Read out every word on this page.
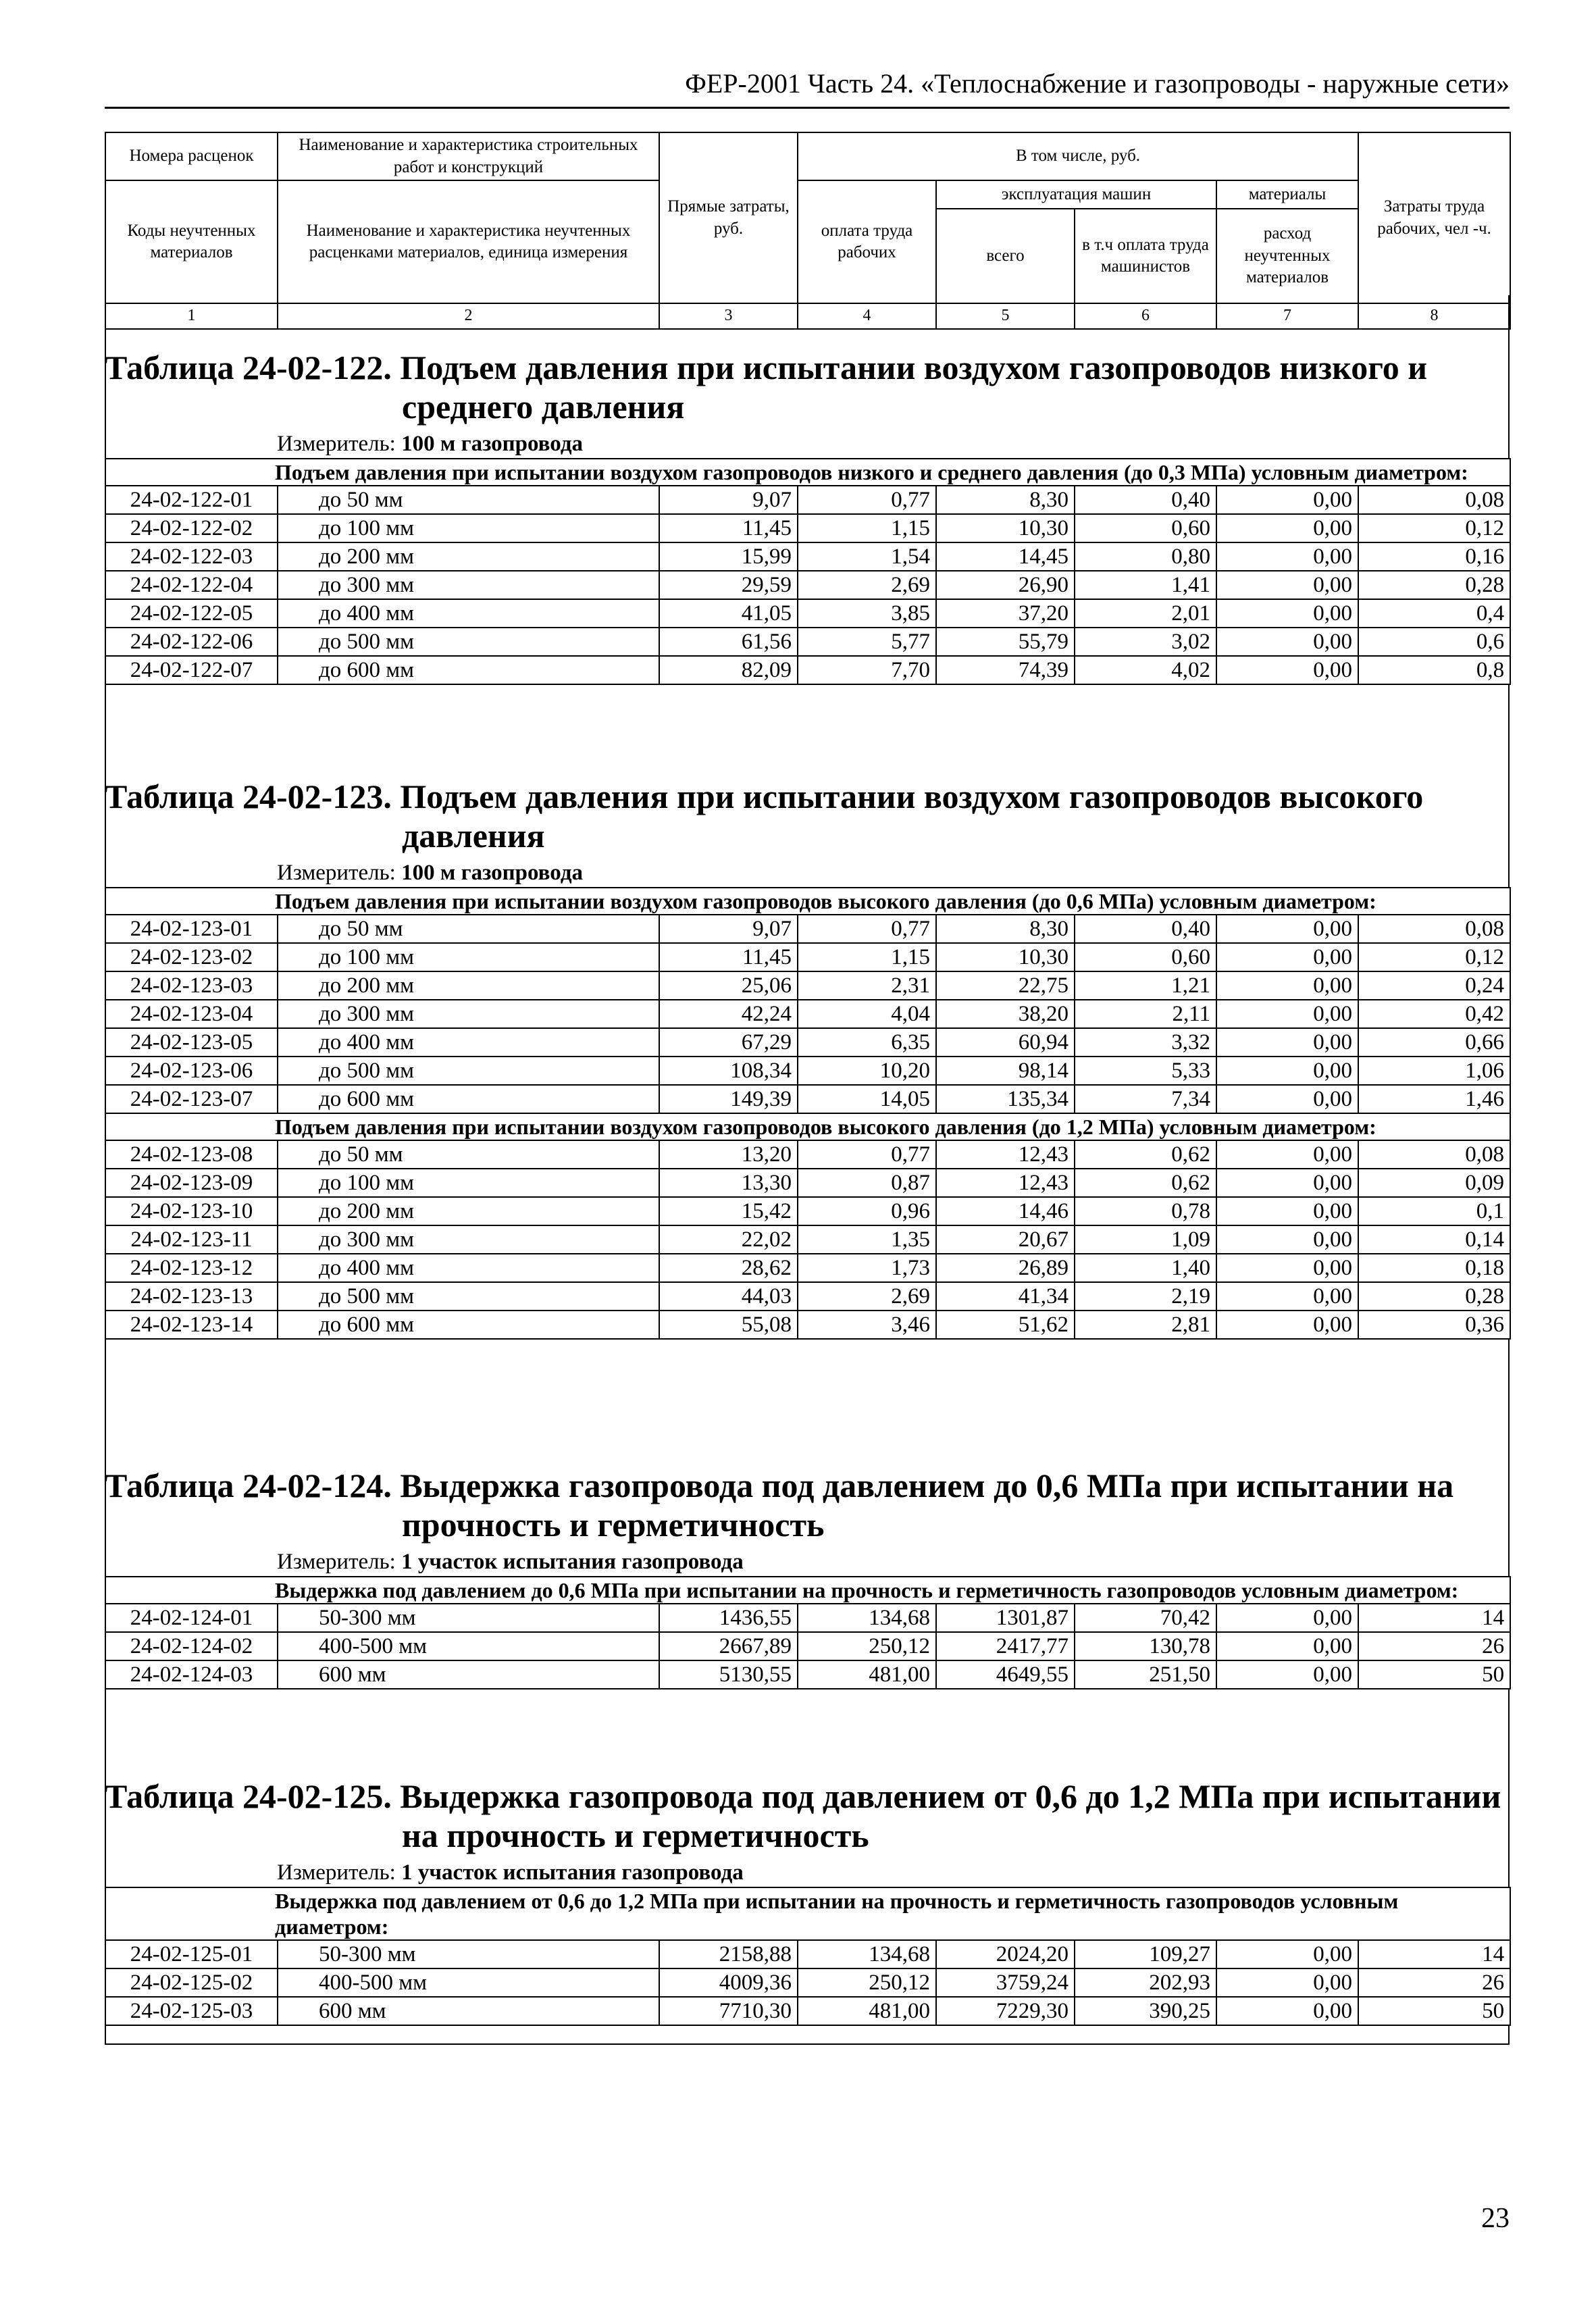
ФЕР-2001 Часть 24. «Теплоснабжение и газопроводы - наружные сети»
Номера расценок	Наименование и характеристика строительных работ и конструкций	Прямые затраты, руб.	В том числе, руб.				Затраты труда рабочих, чел -ч.
Коды неучтенных материалов	Наименование и характеристика неучтенных расценками материалов, единица измерения		оплата труда рабочих	эксплуатация машин		материалы	
				всего	в т.ч оплата труда машинистов	расход неучтенных материалов	
1	2	3	4	5	6	7	8

Таблица 24-02-122. Подъем давления при испытании воздухом газопроводов низкого и
среднего давления

Измеритель: 100 м газопровода
Подъем давления при испытании воздухом газопроводов низкого и среднего давления (до 0,3 МПа) условным диаметром:							
24-02-122-01	до 50 мм	9,07	0,77	8,30	0,40	0,00	0,08
24-02-122-02	до 100 мм	11,45	1,15	10,30	0,60	0,00	0,12
24-02-122-03	до 200 мм	15,99	1,54	14,45	0,80	0,00	0,16
24-02-122-04	до 300 мм	29,59	2,69	26,90	1,41	0,00	0,28
24-02-122-05	до 400 мм	41,05	3,85	37,20	2,01	0,00	0,4
24-02-122-06	до 500 мм	61,56	5,77	55,79	3,02	0,00	0,6
24-02-122-07	до 600 мм	82,09	7,70	74,39	4,02	0,00	0,8

Таблица 24-02-123. Подъем давления при испытании воздухом газопроводов высокого
давления

Измеритель: 100 м газопровода
Подъем давления при испытании воздухом газопроводов высокого давления (до 0,6 МПа) условным диаметром:							
24-02-123-01	до 50 мм	9,07	0,77	8,30	0,40	0,00	0,08
24-02-123-02	до 100 мм	11,45	1,15	10,30	0,60	0,00	0,12
24-02-123-03	до 200 мм	25,06	2,31	22,75	1,21	0,00	0,24
24-02-123-04	до 300 мм	42,24	4,04	38,20	2,11	0,00	0,42
24-02-123-05	до 400 мм	67,29	6,35	60,94	3,32	0,00	0,66
24-02-123-06	до 500 мм	108,34	10,20	98,14	5,33	0,00	1,06
24-02-123-07	до 600 мм	149,39	14,05	135,34	7,34	0,00	1,46
Подъем давления при испытании воздухом газопроводов высокого давления (до 1,2 МПа) условным диаметром:							
24-02-123-08	до 50 мм	13,20	0,77	12,43	0,62	0,00	0,08
24-02-123-09	до 100 мм	13,30	0,87	12,43	0,62	0,00	0,09
24-02-123-10	до 200 мм	15,42	0,96	14,46	0,78	0,00	0,1
24-02-123-11	до 300 мм	22,02	1,35	20,67	1,09	0,00	0,14
24-02-123-12	до 400 мм	28,62	1,73	26,89	1,40	0,00	0,18
24-02-123-13	до 500 мм	44,03	2,69	41,34	2,19	0,00	0,28
24-02-123-14	до 600 мм	55,08	3,46	51,62	2,81	0,00	0,36

Таблица 24-02-124. Выдержка газопровода под давлением до 0,6 МПа при испытании на
прочность и герметичность

Измеритель: 1 участок испытания газопровода
Выдержка под давлением до 0,6 МПа при испытании на прочность и герметичность газопроводов условным диаметром:							
24-02-124-01	50-300 мм	1436,55	134,68	1301,87	70,42	0,00	14
24-02-124-02	400-500 мм	2667,89	250,12	2417,77	130,78	0,00	26
24-02-124-03	600 мм	5130,55	481,00	4649,55	251,50	0,00	50

Таблица 24-02-125. Выдержка газопровода под давлением от 0,6 до 1,2 МПа при испытании
на прочность и герметичность

Измеритель: 1 участок испытания газопровода
Выдержка под давлением от 0,6 до 1,2 МПа при испытании на прочность и герметичность газопроводов условным диаметром:							
24-02-125-01	50-300 мм	2158,88	134,68	2024,20	109,27	0,00	14
24-02-125-02	400-500 мм	4009,36	250,12	3759,24	202,93	0,00	26
24-02-125-03	600 мм	7710,30	481,00	7229,30	390,25	0,00	50
23
